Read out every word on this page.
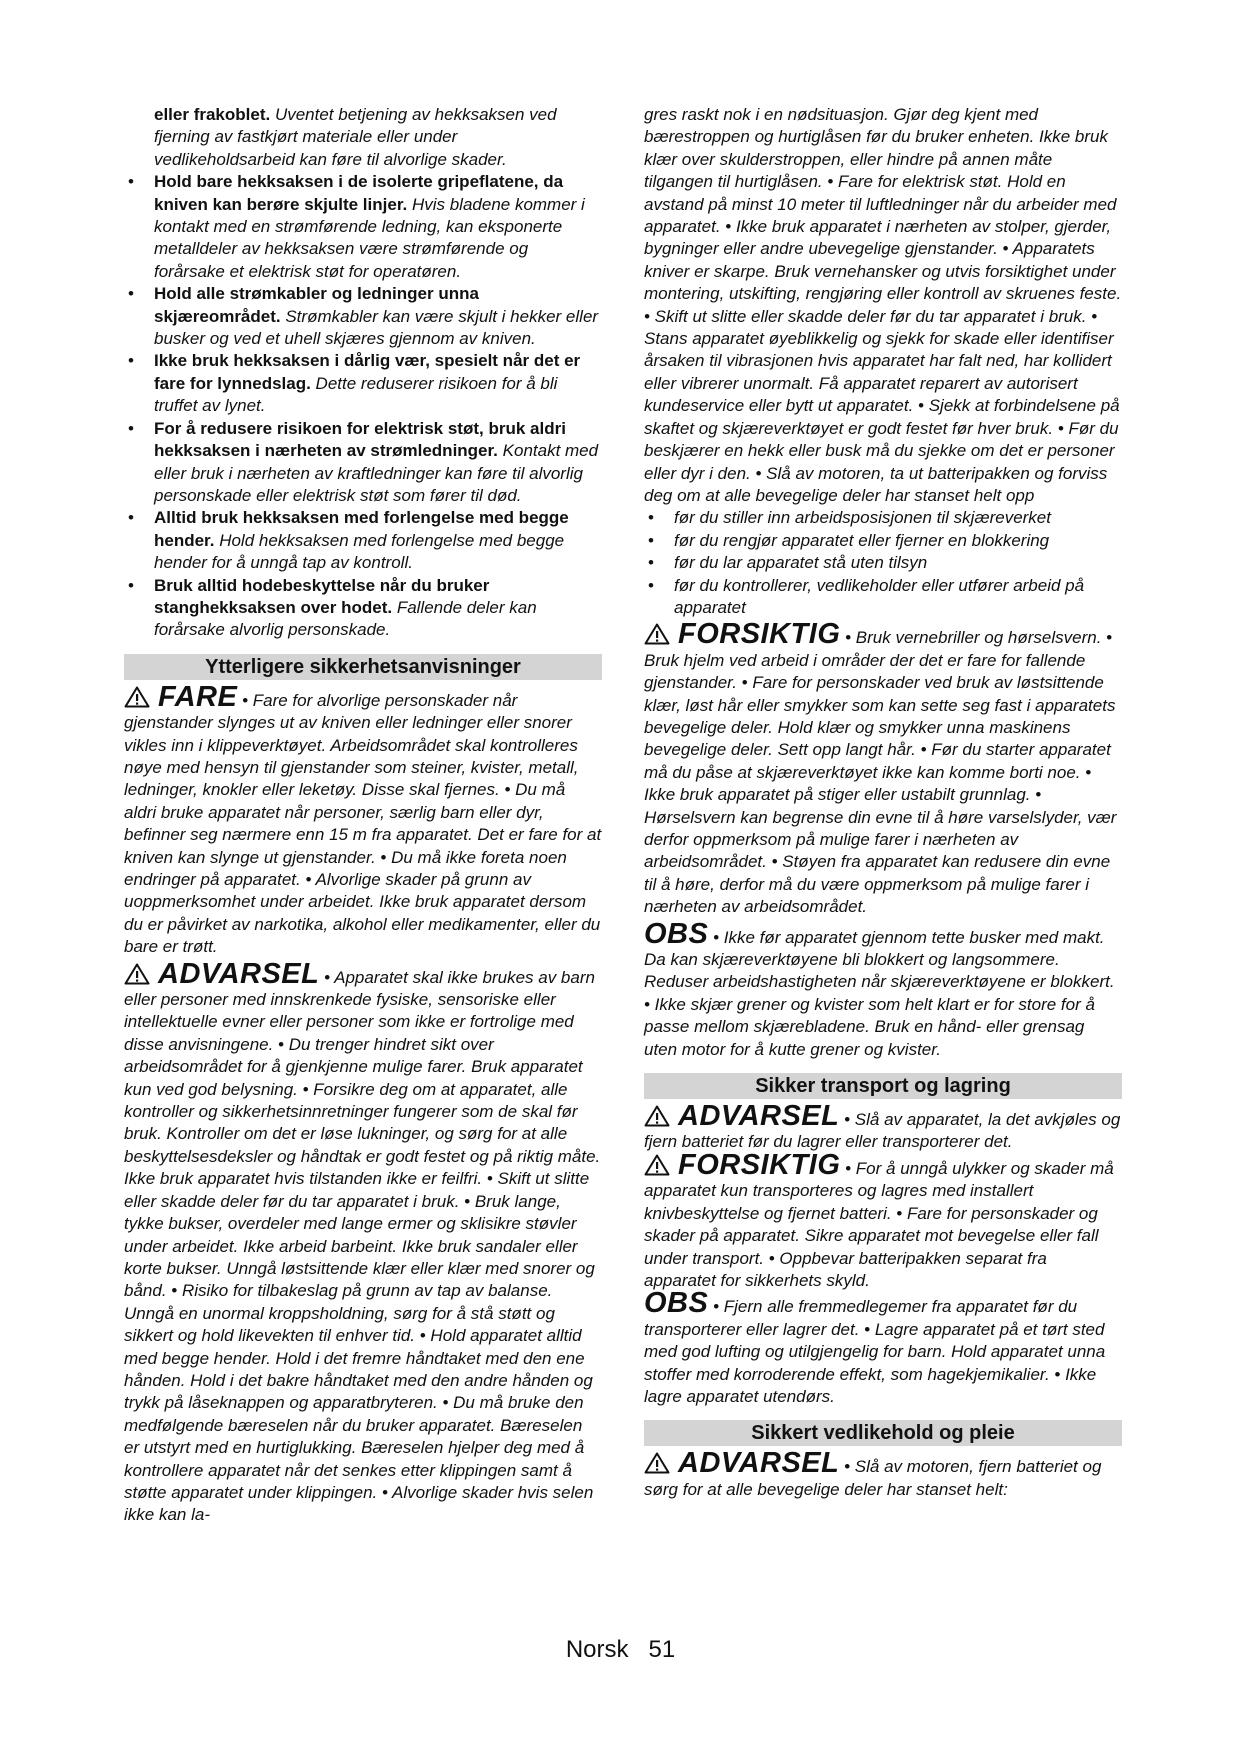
eller frakoblet. Uventet betjening av hekksaksen ved fjerning av fastkjørt materiale eller under vedlikeholdsarbeid kan føre til alvorlige skader.

• Hold bare hekksaksen i de isolerte gripeflatene, da kniven kan berøre skjulte linjer. Hvis bladene kommer i kontakt med en strømførende ledning, kan eksponerte metalldeler av hekksaksen være strømførende og forårsake et elektrisk støt for operatøren.
• Hold alle strømkabler og ledninger unna skjæreområdet. Strømkabler kan være skjult i hekker eller busker og ved et uhell skjæres gjennom av kniven.
• Ikke bruk hekksaksen i dårlig vær, spesielt når det er fare for lynnedslag. Dette reduserer risikoen for å bli truffet av lynet.
• For å redusere risikoen for elektrisk støt, bruk aldri hekksaksen i nærheten av strømledninger. Kontakt med eller bruk i nærheten av kraftledninger kan føre til alvorlig personskade eller elektrisk støt som fører til død.
• Alltid bruk hekksaksen med forlengelse med begge hender. Hold hekksaksen med forlengelse med begge hender for å unngå tap av kontroll.
• Bruk alltid hodebeskyttelse når du bruker stanghekksaksen over hodet. Fallende deler kan forårsake alvorlig personskade.
Ytterligere sikkerhetsanvisninger

FARE • Fare for alvorlige personskader når gjenstander slynges ut av kniven eller ledninger eller snorer vikles inn i klippeverktøyet. Arbeidsområdet skal kontrolleres nøye med hensyn til gjenstander som steiner, kvister, metall, ledninger, knokler eller leketøy. Disse skal fjernes. • Du må aldri bruke apparatet når personer, særlig barn eller dyr, befinner seg nærmere enn 15 m fra apparatet. Det er fare for at kniven kan slynge ut gjenstander. • Du må ikke foreta noen endringer på apparatet. • Alvorlige skader på grunn av uoppmerksomhet under arbeidet. Ikke bruk apparatet dersom du er påvirket av narkotika, alkohol eller medikamenter, eller du bare er trøtt.

ADVARSEL • Apparatet skal ikke brukes av barn eller personer med innskrenkede fysiske, sensoriske eller intellektuelle evner eller personer som ikke er fortrolige med disse anvisningene. • Du trenger hindret sikt over arbeidsområdet for å gjenkjenne mulige farer. Bruk apparatet kun ved god belysning. • Forsikre deg om at apparatet, alle kontroller og sikkerhetsinnretninger fungerer som de skal før bruk. Kontroller om det er løse lukninger, og sørg for at alle beskyttelsesdeksler og håndtak er godt festet og på riktig måte. Ikke bruk apparatet hvis tilstanden ikke er feilfri. • Skift ut slitte eller skadde deler før du tar apparatet i bruk. • Bruk lange, tykke bukser, overdeler med lange ermer og sklisikre støvler under arbeidet. Ikke arbeid barbeint. Ikke bruk sandaler eller korte bukser. Unngå løstsittende klær eller klær med snorer og bånd. • Risiko for tilbakeslag på grunn av tap av balanse. Unngå en unormal kroppsholdning, sørg for å stå støtt og sikkert og hold likevekten til enhver tid. • Hold apparatet alltid med begge hender. Hold i det fremre håndtaket med den ene hånden. Hold i det bakre håndtaket med den andre hånden og trykk på låseknappen og apparatbryteren. • Du må bruke den medfølgende bæreselen når du bruker apparatet. Bæreselen er utstyrt med en hurtiglukking. Bæreselen hjelper deg med å kontrollere apparatet når det senkes etter klippingen samt å støtte apparatet under klippingen. • Alvorlige skader hvis selen ikke kan la-

gres raskt nok i en nødsituasjon. Gjør deg kjent med bærestroppen og hurtiglåsen før du bruker enheten. Ikke bruk klær over skulderstroppen, eller hindre på annen måte tilgangen til hurtiglåsen. • Fare for elektrisk støt. Hold en avstand på minst 10 meter til luftledninger når du arbeider med apparatet. • Ikke bruk apparatet i nærheten av stolper, gjerder, bygninger eller andre ubevegelige gjenstander. • Apparatets kniver er skarpe. Bruk vernehansker og utvis forsiktighet under montering, utskifting, rengjøring eller kontroll av skruenes feste. • Skift ut slitte eller skadde deler før du tar apparatet i bruk. • Stans apparatet øyeblikkelig og sjekk for skade eller identifiser årsaken til vibrasjonen hvis apparatet har falt ned, har kollidert eller vibrerer unormalt. Få apparatet reparert av autorisert kundeservice eller bytt ut apparatet. • Sjekk at forbindelsene på skaftet og skjæreverktøyet er godt festet før hver bruk. • Før du beskjærer en hekk eller busk må du sjekke om det er personer eller dyr i den. • Slå av motoren, ta ut batteripakken og forviss deg om at alle bevegelige deler har stanset helt opp

• før du stiller inn arbeidsposisjonen til skjæreverket
• før du rengjør apparatet eller fjerner en blokkering
• før du lar apparatet stå uten tilsyn
• før du kontrollerer, vedlikeholder eller utfører arbeid på apparatet

FORSIKTIG • Bruk vernebriller og hørselsvern. • Bruk hjelm ved arbeid i områder der det er fare for fallende gjenstander. • Fare for personskader ved bruk av løstsittende klær, løst hår eller smykker som kan sette seg fast i apparatets bevegelige deler. Hold klær og smykker unna maskinens bevegelige deler. Sett opp langt hår. • Før du starter apparatet må du påse at skjæreverktøyet ikke kan komme borti noe. • Ikke bruk apparatet på stiger eller ustabilt grunnlag. • Hørselsvern kan begrense din evne til å høre varselslyder, vær derfor oppmerksom på mulige farer i nærheten av arbeidsområdet. • Støyen fra apparatet kan redusere din evne til å høre, derfor må du være oppmerksom på mulige farer i nærheten av arbeidsområdet.

OBS • Ikke før apparatet gjennom tette busker med makt. Da kan skjæreverktøyene bli blokkert og langsommere. Reduser arbeidshastigheten når skjæreverktøyene er blokkert. • Ikke skjær grener og kvister som helt klart er for store for å passe mellom skjærebladene. Bruk en hånd- eller grensag uten motor for å kutte grener og kvister.

Sikker transport og lagring

ADVARSEL • Slå av apparatet, la det avkjøles og fjern batteriet før du lagrer eller transporterer det.

FORSIKTIG • For å unngå ulykker og skader må apparatet kun transporteres og lagres med installert knivbeskyttelse og fjernet batteri. • Fare for personskader og skader på apparatet. Sikre apparatet mot bevegelse eller fall under transport. • Oppbevar batteripakken separat fra apparatet for sikkerhets skyld.

OBS • Fjern alle fremmedlegemer fra apparatet før du transporterer eller lagrer det. • Lagre apparatet på et tørt sted med god lufting og utilgjengelig for barn. Hold apparatet unna stoffer med korroderende effekt, som hagekjemikalier. • Ikke lagre apparatet utendørs.

Sikkert vedlikehold og pleie

ADVARSEL • Slå av motoren, fjern batteriet og sørg for at alle bevegelige deler har stanset helt:

Norsk 51
